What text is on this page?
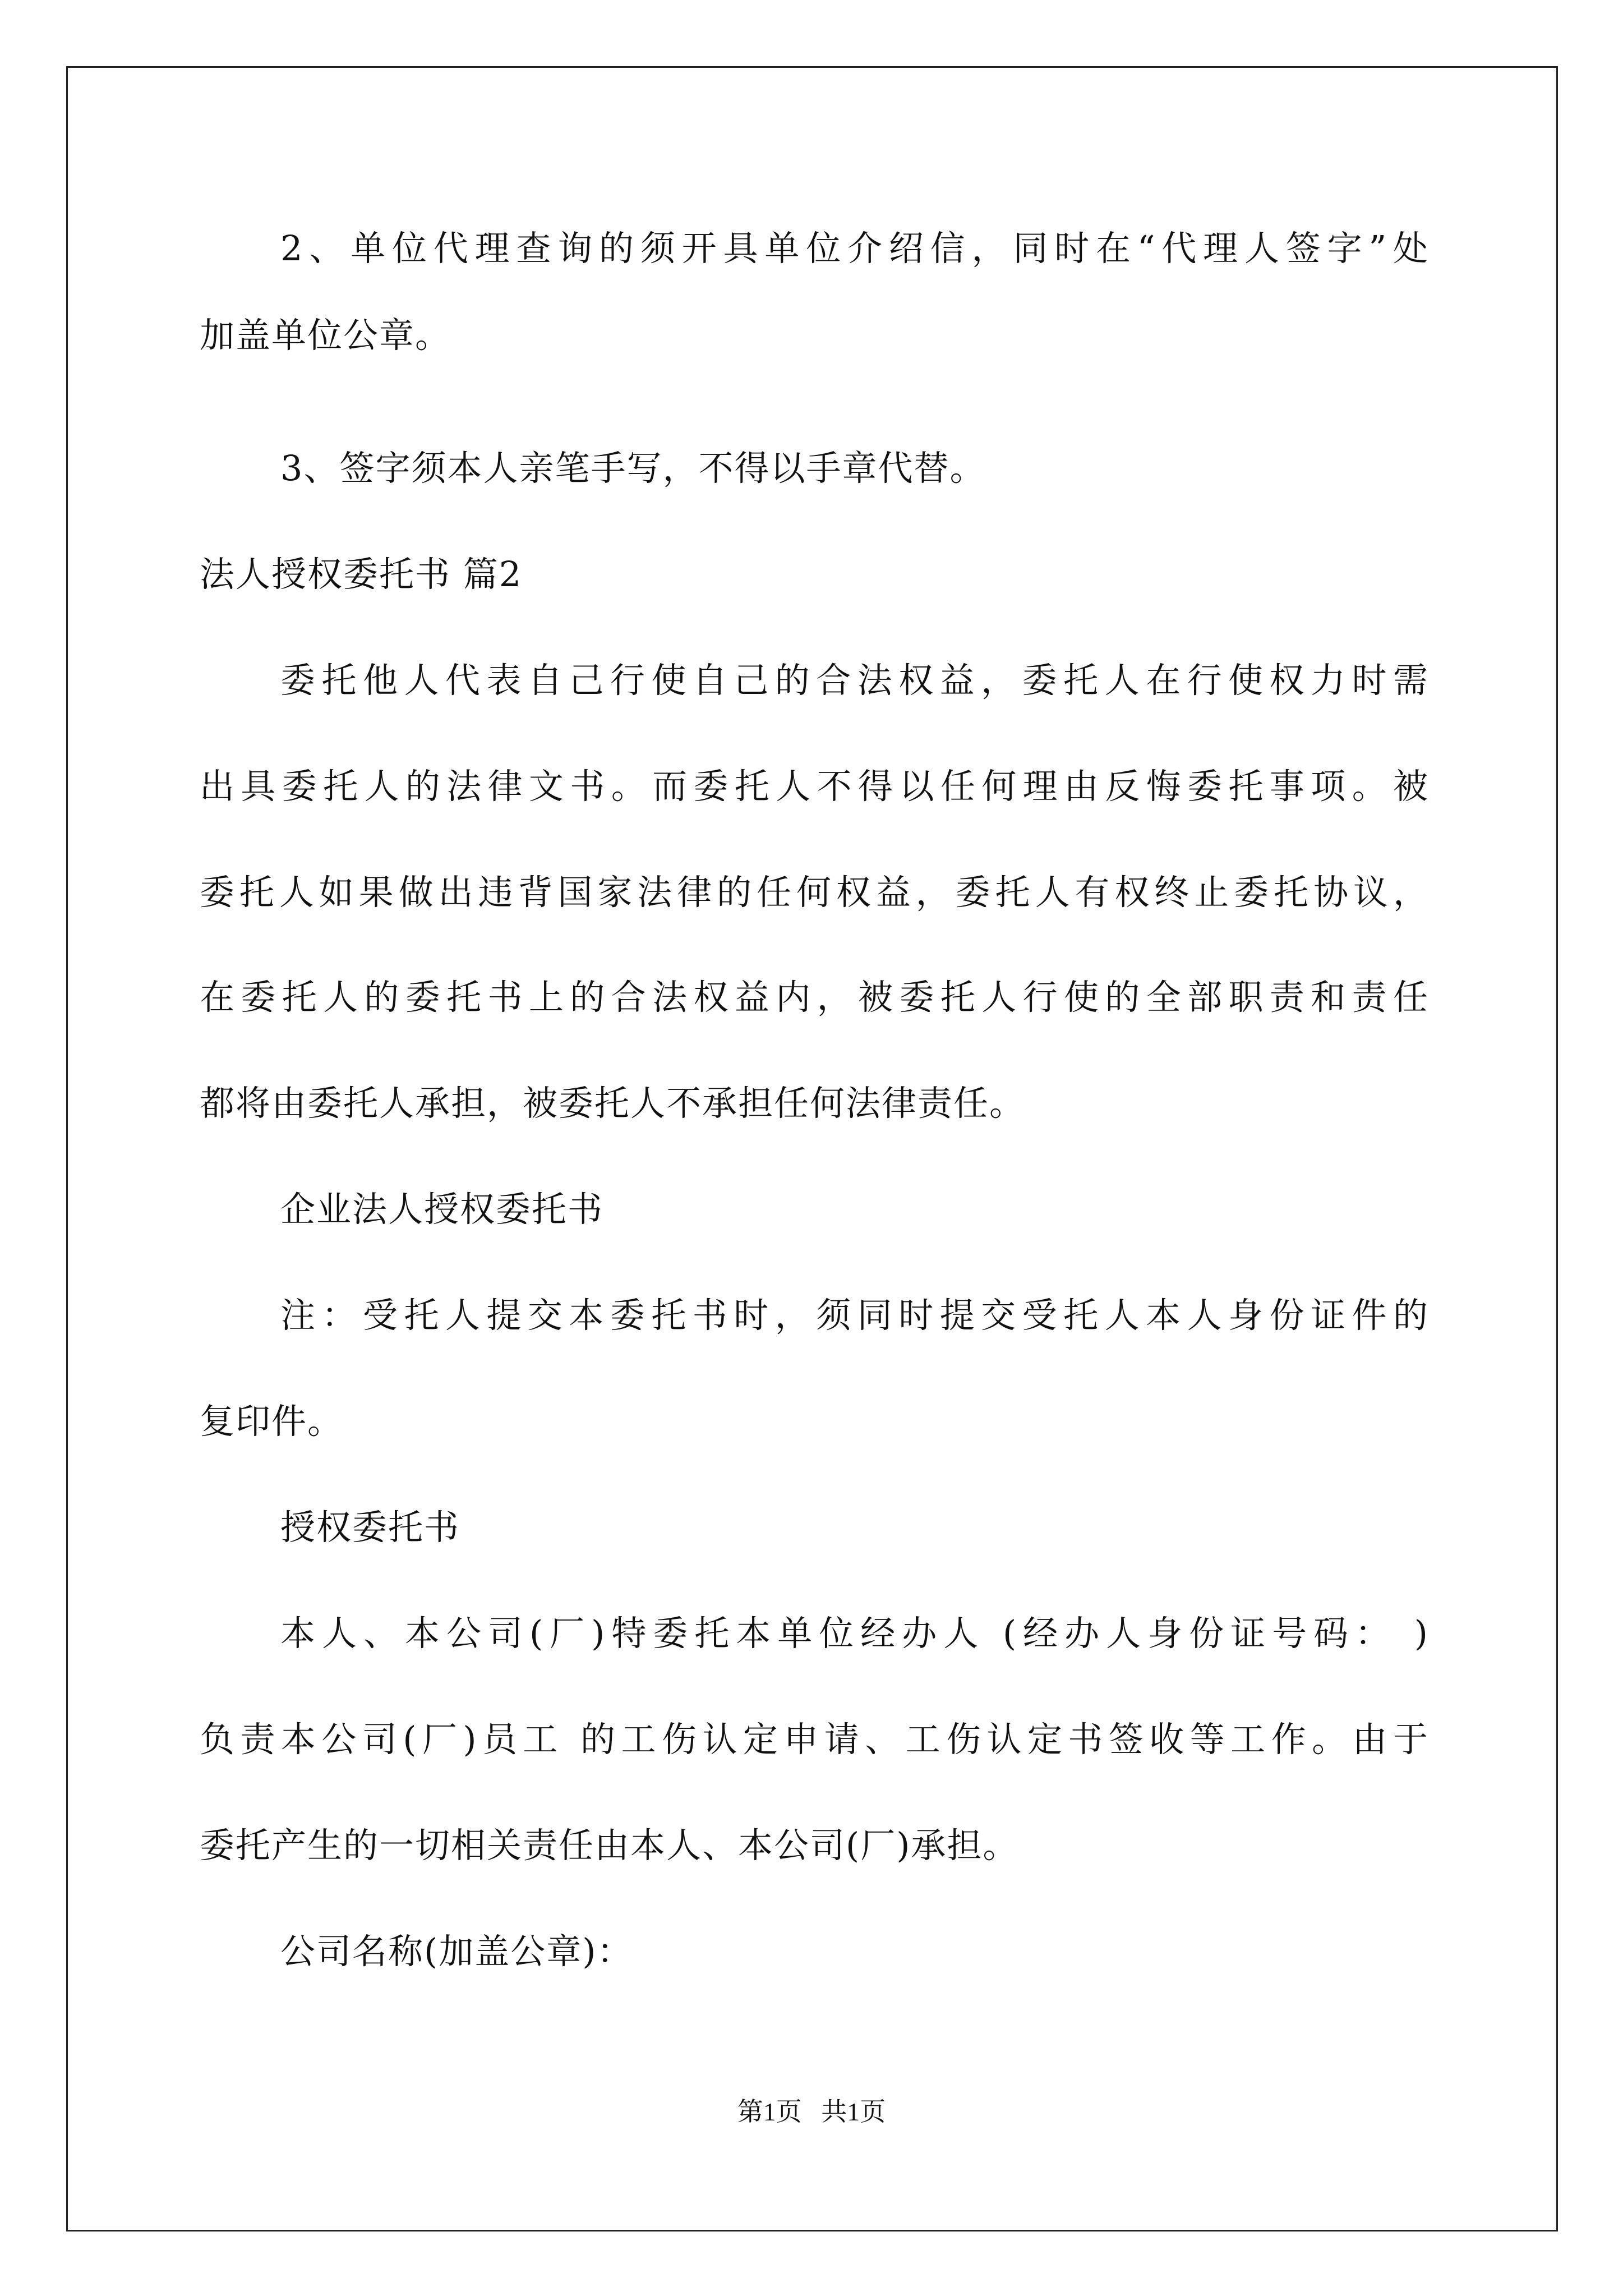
2、单位代理查询的须开具单位介绍信，同时在“代理人签字”处
加盖单位公章。
3、签字须本人亲笔手写，不得以手章代替。
法人授权委托书 篇2
委托他人代表自己行使自己的合法权益，委托人在行使权力时需
出具委托人的法律文书。而委托人不得以任何理由反悔委托事项。被
委托人如果做出违背国家法律的任何权益，委托人有权终止委托协议，
在委托人的委托书上的合法权益内，被委托人行使的全部职责和责任
都将由委托人承担，被委托人不承担任何法律责任。
企业法人授权委托书
注：受托人提交本委托书时，须同时提交受托人本人身份证件的
复印件。
授权委托书
本人、本公司(厂)特委托本单位经办人 (经办人身份证号码： )
负责本公司(厂)员工 的工伤认定申请、工伤认定书签收等工作。由于
委托产生的一切相关责任由本人、本公司(厂)承担。
公司名称(加盖公章)：
第1页   共1页
